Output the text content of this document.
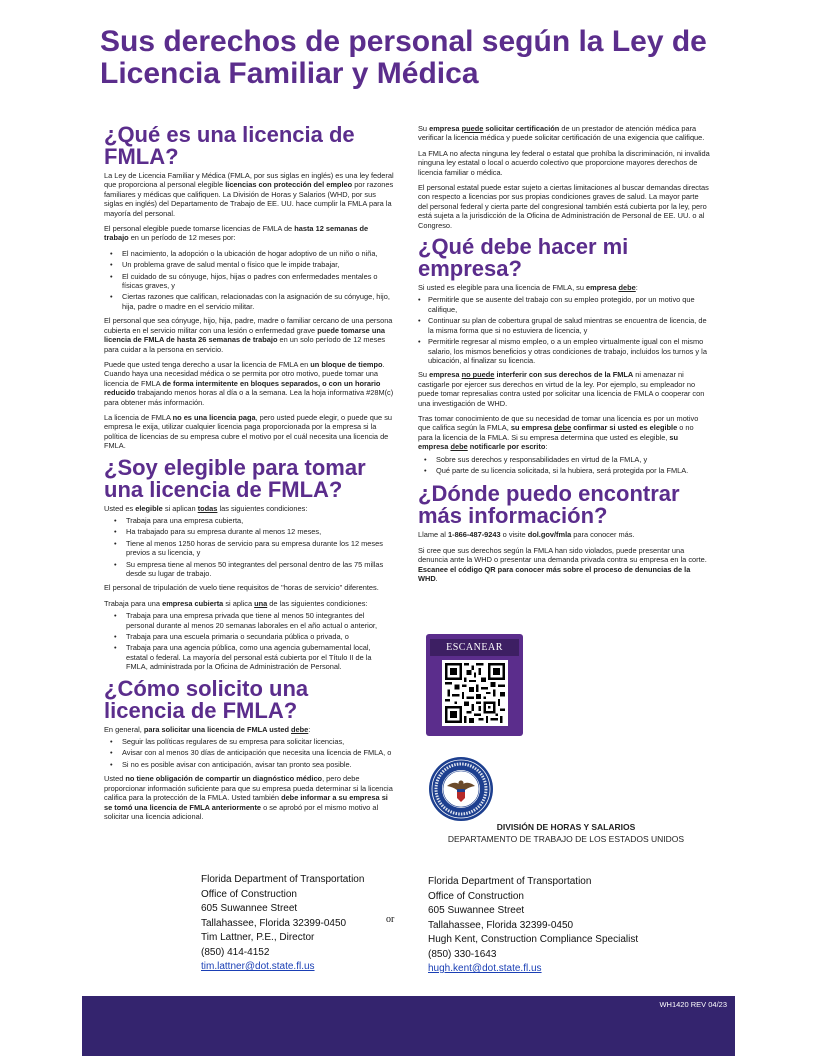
Sus derechos de personal según la Ley de Licencia Familiar y Médica
¿Qué es una licencia de FMLA?

La Ley de Licencia Familiar y Médica (FMLA, por sus siglas en inglés) es una ley federal que proporciona al personal elegible licencias con protección del empleo por razones familiares y médicas que califiquen. La División de Horas y Salarios (WHD, por sus siglas en inglés) del Departamento de Trabajo de EE. UU. hace cumplir la FMLA para la mayoría del personal.

El personal elegible puede tomarse licencias de FMLA de hasta 12 semanas de trabajo en un período de 12 meses por:

• El nacimiento, la adopción o la ubicación de hogar adoptivo de un niño o niña,
• Un problema grave de salud mental o físico que le impide trabajar,
• El cuidado de su cónyuge, hijos, hijas o padres con enfermedades mentales o físicas graves, y
• Ciertas razones que califican, relacionadas con la asignación de su cónyuge, hijo, hija, padre o madre en el servicio militar.

El personal que sea cónyuge, hijo, hija, padre, madre o familiar cercano de una persona cubierta en el servicio militar con una lesión o enfermedad grave puede tomarse una licencia de FMLA de hasta 26 semanas de trabajo en un solo período de 12 meses para cuidar a la persona en servicio.

Puede que usted tenga derecho a usar la licencia de FMLA en un bloque de tiempo. Cuando haya una necesidad médica o se permita por otro motivo, puede tomar una licencia de FMLA de forma intermitente en bloques separados, o con un horario reducido trabajando menos horas al día o a la semana. Lea la hoja informativa #28M(c) para obtener más información.

La licencia de FMLA no es una licencia paga, pero usted puede elegir, o puede que su empresa le exija, utilizar cualquier licencia paga proporcionada por la empresa si la política de licencias de su empresa cubre el motivo por el cuál necesita una licencia de FMLA.

¿Soy elegible para tomar una licencia de FMLA?

Usted es elegible si aplican todas las siguientes condiciones:

• Trabaja para una empresa cubierta,
• Ha trabajado para su empresa durante al menos 12 meses,
• Tiene al menos 1250 horas de servicio para su empresa durante los 12 meses previos a su licencia, y
• Su empresa tiene al menos 50 integrantes del personal dentro de las 75 millas desde su lugar de trabajo.

El personal de tripulación de vuelo tiene requisitos de "horas de servicio" diferentes.

Trabaja para una empresa cubierta si aplica una de las siguientes condiciones:

• Trabaja para una empresa privada que tiene al menos 50 integrantes del personal durante al menos 20 semanas laborales en el año actual o anterior,
• Trabaja para una escuela primaria o secundaria pública o privada, o
• Trabaja para una agencia pública, como una agencia gubernamental local, estatal o federal. La mayoría del personal está cubierta por el Título II de la FMLA, administrada por la Oficina de Administración de Personal.
¿Cómo solicito una licencia de FMLA?

En general, para solicitar una licencia de FMLA usted debe:

• Seguir las políticas regulares de su empresa para solicitar licencias,
• Avisar con al menos 30 días de anticipación que necesita una licencia de FMLA, o
• Si no es posible avisar con anticipación, avisar tan pronto sea posible.

Usted no tiene obligación de compartir un diagnóstico médico, pero debe proporcionar información suficiente para que su empresa pueda determinar si la licencia califica para la protección de la FMLA. Usted también debe informar a su empresa si se tomó una licencia de FMLA anteriormente o se aprobó por el mismo motivo al solicitar una licencia adicional.

Su empresa puede solicitar certificación de un prestador de atención médica para verificar la licencia médica y puede solicitar certificación de una exigencia que califique.

La FMLA no afecta ninguna ley federal o estatal que prohíba la discriminación, ni invalida ninguna ley estatal o local o acuerdo colectivo que proporcione mayores derechos de licencia familiar o médica.

El personal estatal puede estar sujeto a ciertas limitaciones al buscar demandas directas con respecto a licencias por sus propias condiciones graves de salud. La mayor parte del personal federal y cierta parte del congresional también está cubierta por la ley, pero está sujeta a la jurisdicción de la Oficina de Administración de Personal de EE. UU. o al Congreso.

¿Qué debe hacer mi empresa?

Si usted es elegible para una licencia de FMLA, su empresa debe:

• Permitirle que se ausente del trabajo con su empleo protegido, por un motivo que califique,
• Continuar su plan de cobertura grupal de salud mientras se encuentra de licencia, de la misma forma que si no estuviera de licencia, y
• Permitirle regresar al mismo empleo, o a un empleo virtualmente igual con el mismo salario, los mismos beneficios y otras condiciones de trabajo, incluidos los turnos y la ubicación, al finalizar su licencia.

Su empresa no puede interferir con sus derechos de la FMLA ni amenazar ni castigarle por ejercer sus derechos en virtud de la ley. Por ejemplo, su empleador no puede tomar represalias contra usted por solicitar una licencia de FMLA o cooperar con una investigación de WHD.

Tras tomar conocimiento de que su necesidad de tomar una licencia es por un motivo que califica según la FMLA, su empresa debe confirmar si usted es elegible o no para la licencia de la FMLA. Si su empresa determina que usted es elegible, su empresa debe notificarle por escrito:

• Sobre sus derechos y responsabilidades en virtud de la FMLA, y
• Qué parte de su licencia solicitada, si la hubiera, será protegida por la FMLA.
¿Dónde puedo encontrar más información?

Llame al 1-866-487-9243 o visite dol.gov/fmla para conocer más.

Si cree que sus derechos según la FMLA han sido violados, puede presentar una denuncia ante la WHD o presentar una demanda privada contra su empresa en la corte. Escanee el código QR para conocer más sobre el proceso de denuncias de la WHD.

ESCANEAR
DIVISIÓN DE HORAS Y SALARIOS
DEPARTAMENTO DE TRABAJO DE LOS ESTADOS UNIDOS
Florida Department of Transportation
Office of Construction
605 Suwannee Street
Tallahassee, Florida 32399-0450
Tim Lattner, P.E., Director
(850) 414-4152
tim.lattner@dot.state.fl.us
or
Florida Department of Transportation
Office of Construction
605 Suwannee Street
Tallahassee, Florida 32399-0450
Hugh Kent, Construction Compliance Specialist
(850) 330-1643
hugh.kent@dot.state.fl.us
WH1420 REV 04/23
